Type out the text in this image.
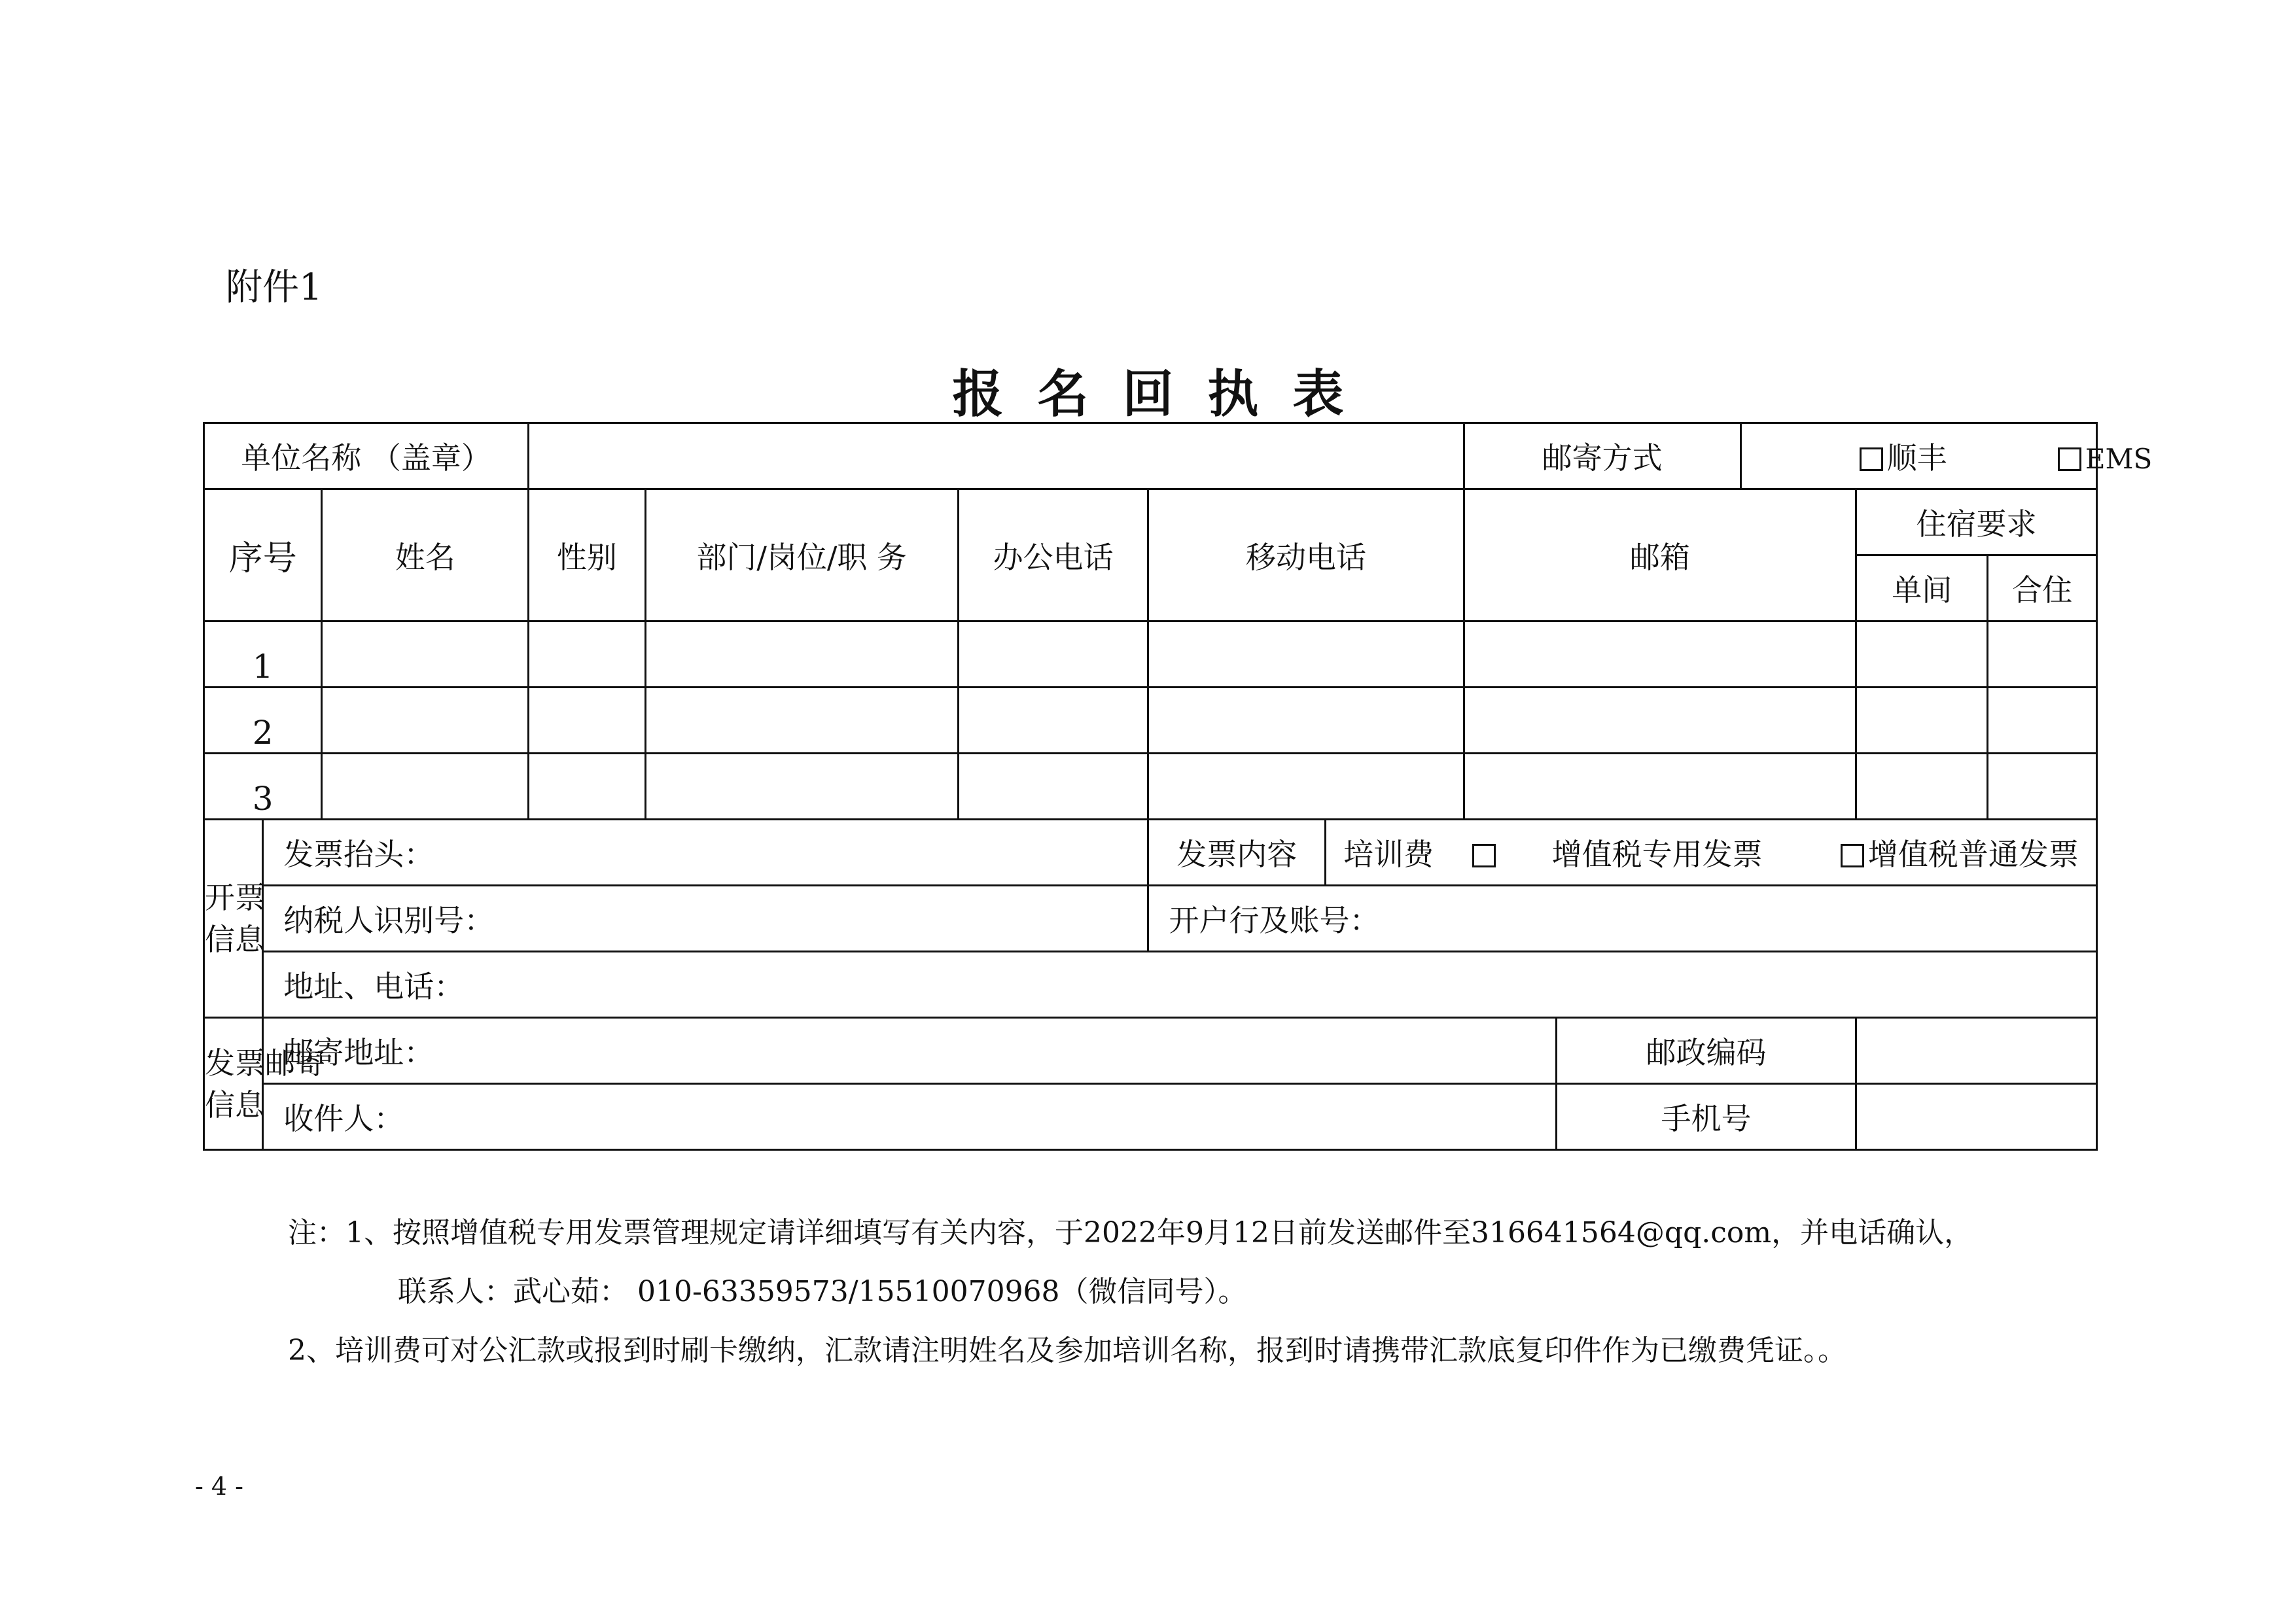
附件1
报名回执表
单位名称 （盖章）								邮寄方式		顺丰 EMS		
序号		姓名	性别	部门/岗位/职 务	办公电话	移动电话		邮箱			住宿要求	
											单间	合住
1												
2												
3												
开票
信息	发票抬头：					发票内容	培训费 增值税专用发票 增值税普通发票					
	纳税人识别号：					开户行及账号：						
	地址、电话：											
发票邮寄
信息	邮寄地址：								邮政编码			
	收件人：								手机号			
注：1、按照增值税专用发票管理规定请详细填写有关内容，于2022年9月12日前发送邮件至316641564@qq.com，并电话确认，
联系人：武心茹： 010-63359573/15510070968（微信同号）。
2、培训费可对公汇款或报到时刷卡缴纳，汇款请注明姓名及参加培训名称，报到时请携带汇款底复印件作为已缴费凭证。。
- 4 -
